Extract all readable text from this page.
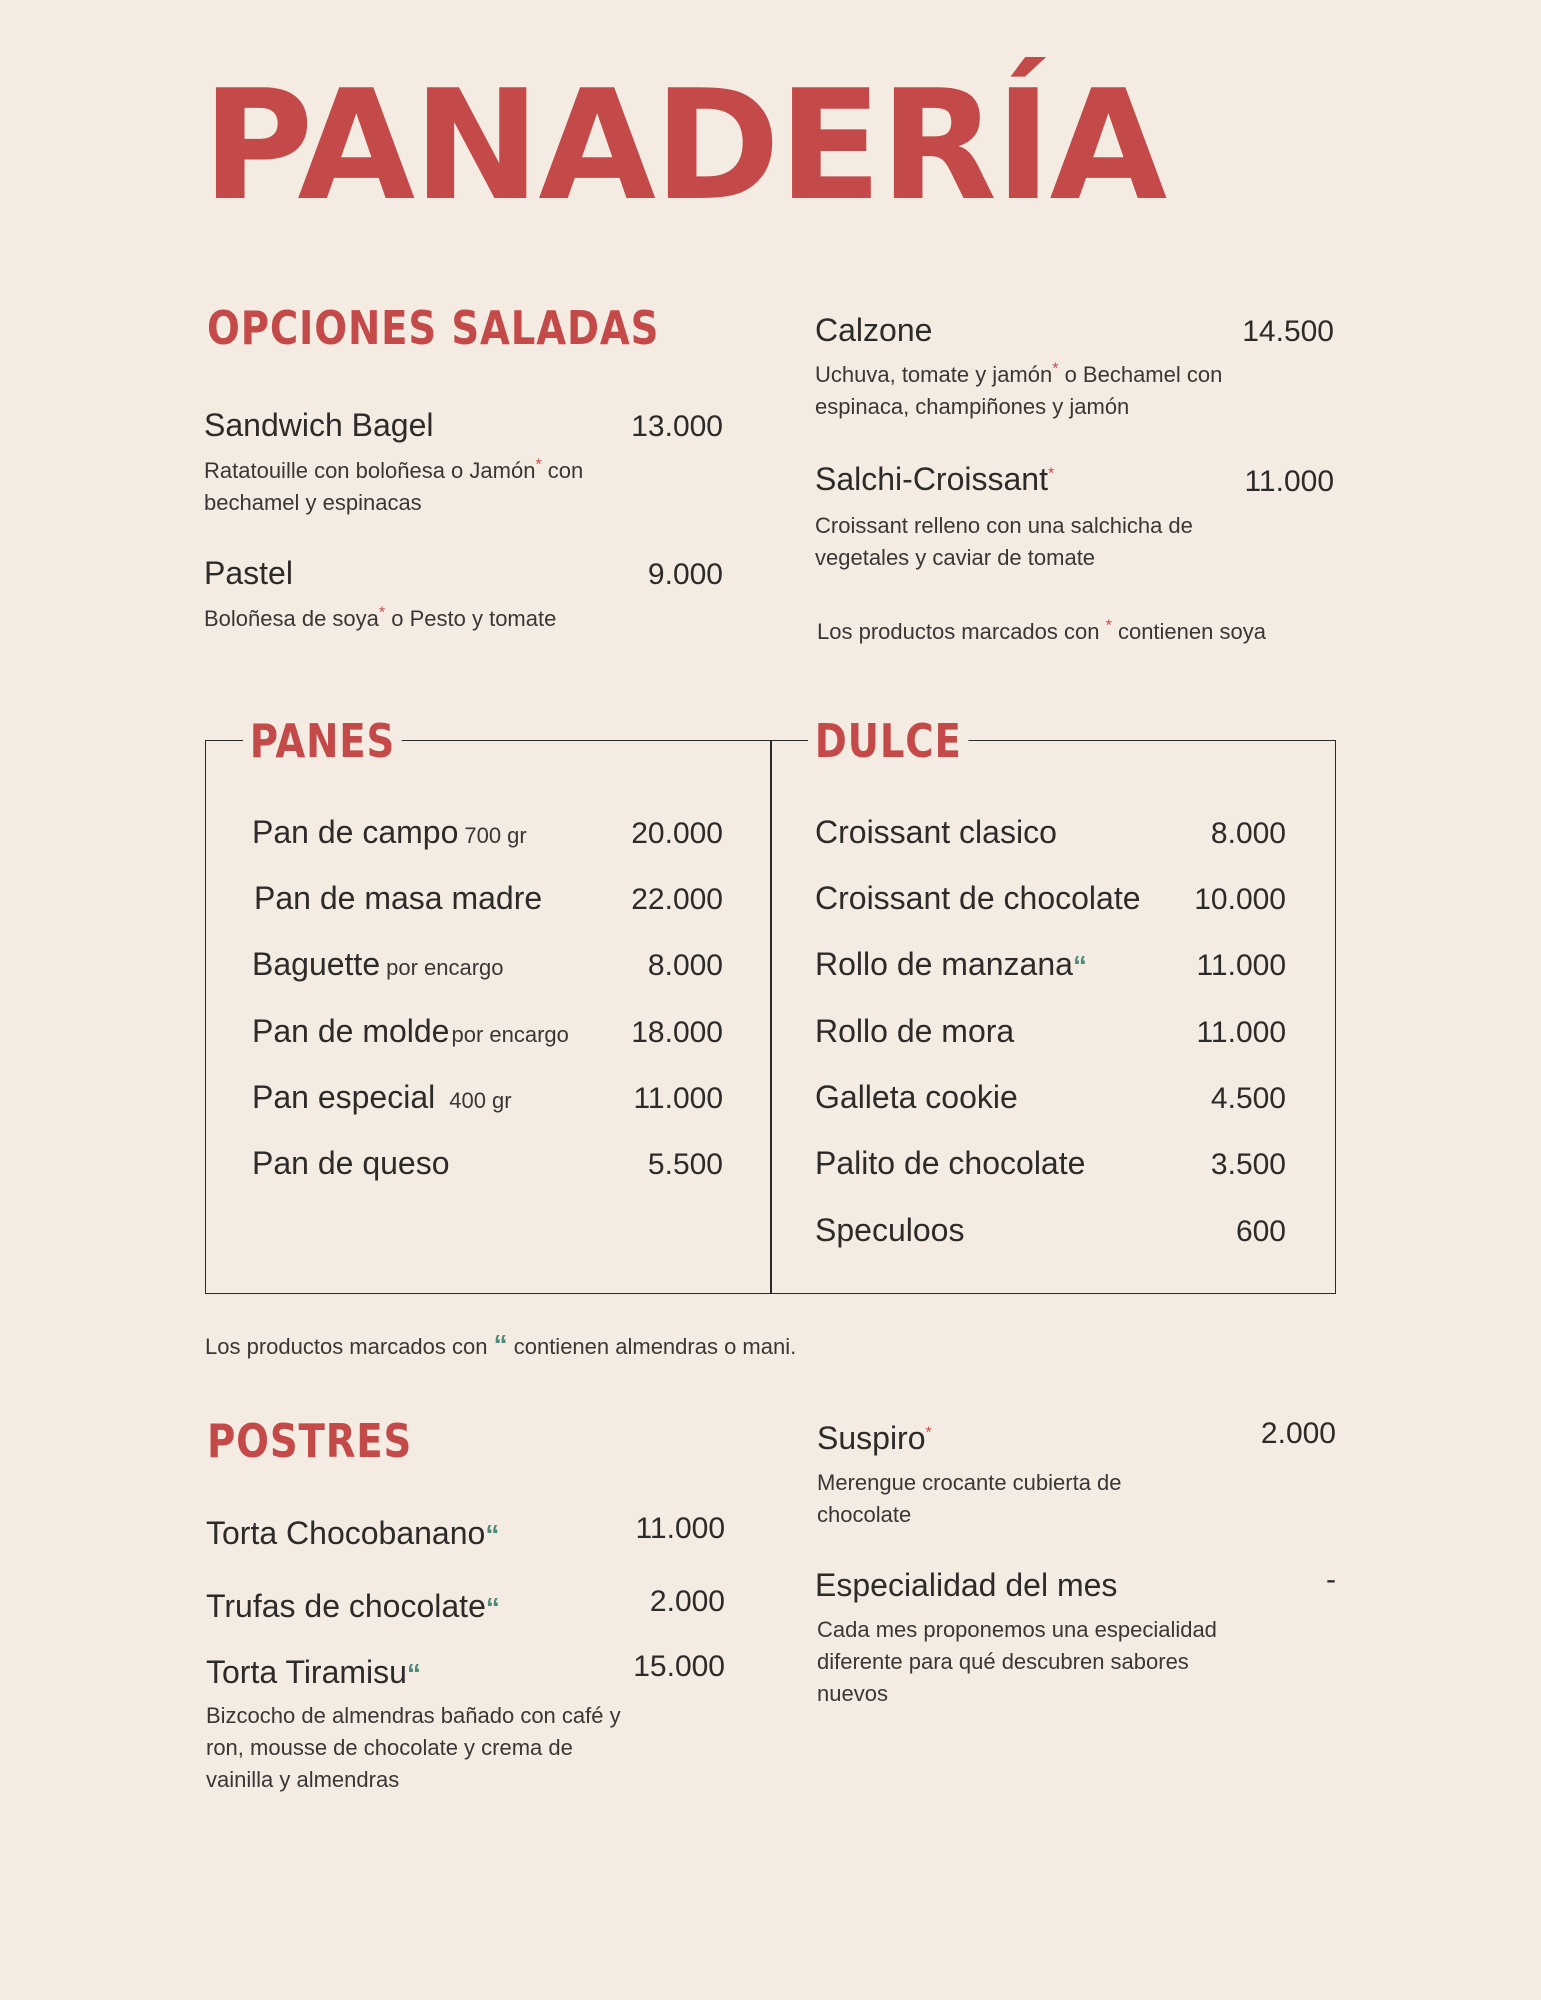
PANADERÍA
OPCIONES SALADAS
Sandwich Bagel	13.000
Ratatouille con boloñesa o Jamón* con bechamel y espinacas
Pastel	9.000
Boloñesa de soya* o Pesto y tomate
Calzone	14.500
Uchuva, tomate y jamón* o Bechamel con espinaca, champiñones y jamón
Salchi-Croissant*	11.000
Croissant relleno con una salchicha de vegetales y caviar de tomate
Los productos marcados con * contienen soya
PANES	DULCE
Pan de campo 700 gr	20.000
Pan de masa madre	22.000
Baguette por encargo	8.000
Pan de moldepor encargo	18.000
Pan especial 400 gr	11.000
Pan de queso	5.500
Croissant clasico	8.000
Croissant de chocolate	10.000
Rollo de manzana“	11.000
Rollo de mora	11.000
Galleta cookie	4.500
Palito de chocolate	3.500
Speculoos	600
Los productos marcados con “ contienen almendras o mani.
POSTRES
Torta Chocobanano“	11.000
Trufas de chocolate“	2.000
Torta Tiramisu“	15.000
Bizcocho de almendras bañado con café y ron, mousse de chocolate y crema de vainilla y almendras
Suspiro*	2.000
Merengue crocante cubierta de chocolate
Especialidad del mes	-
Cada mes proponemos una especialidad diferente para qué descubren sabores nuevos
